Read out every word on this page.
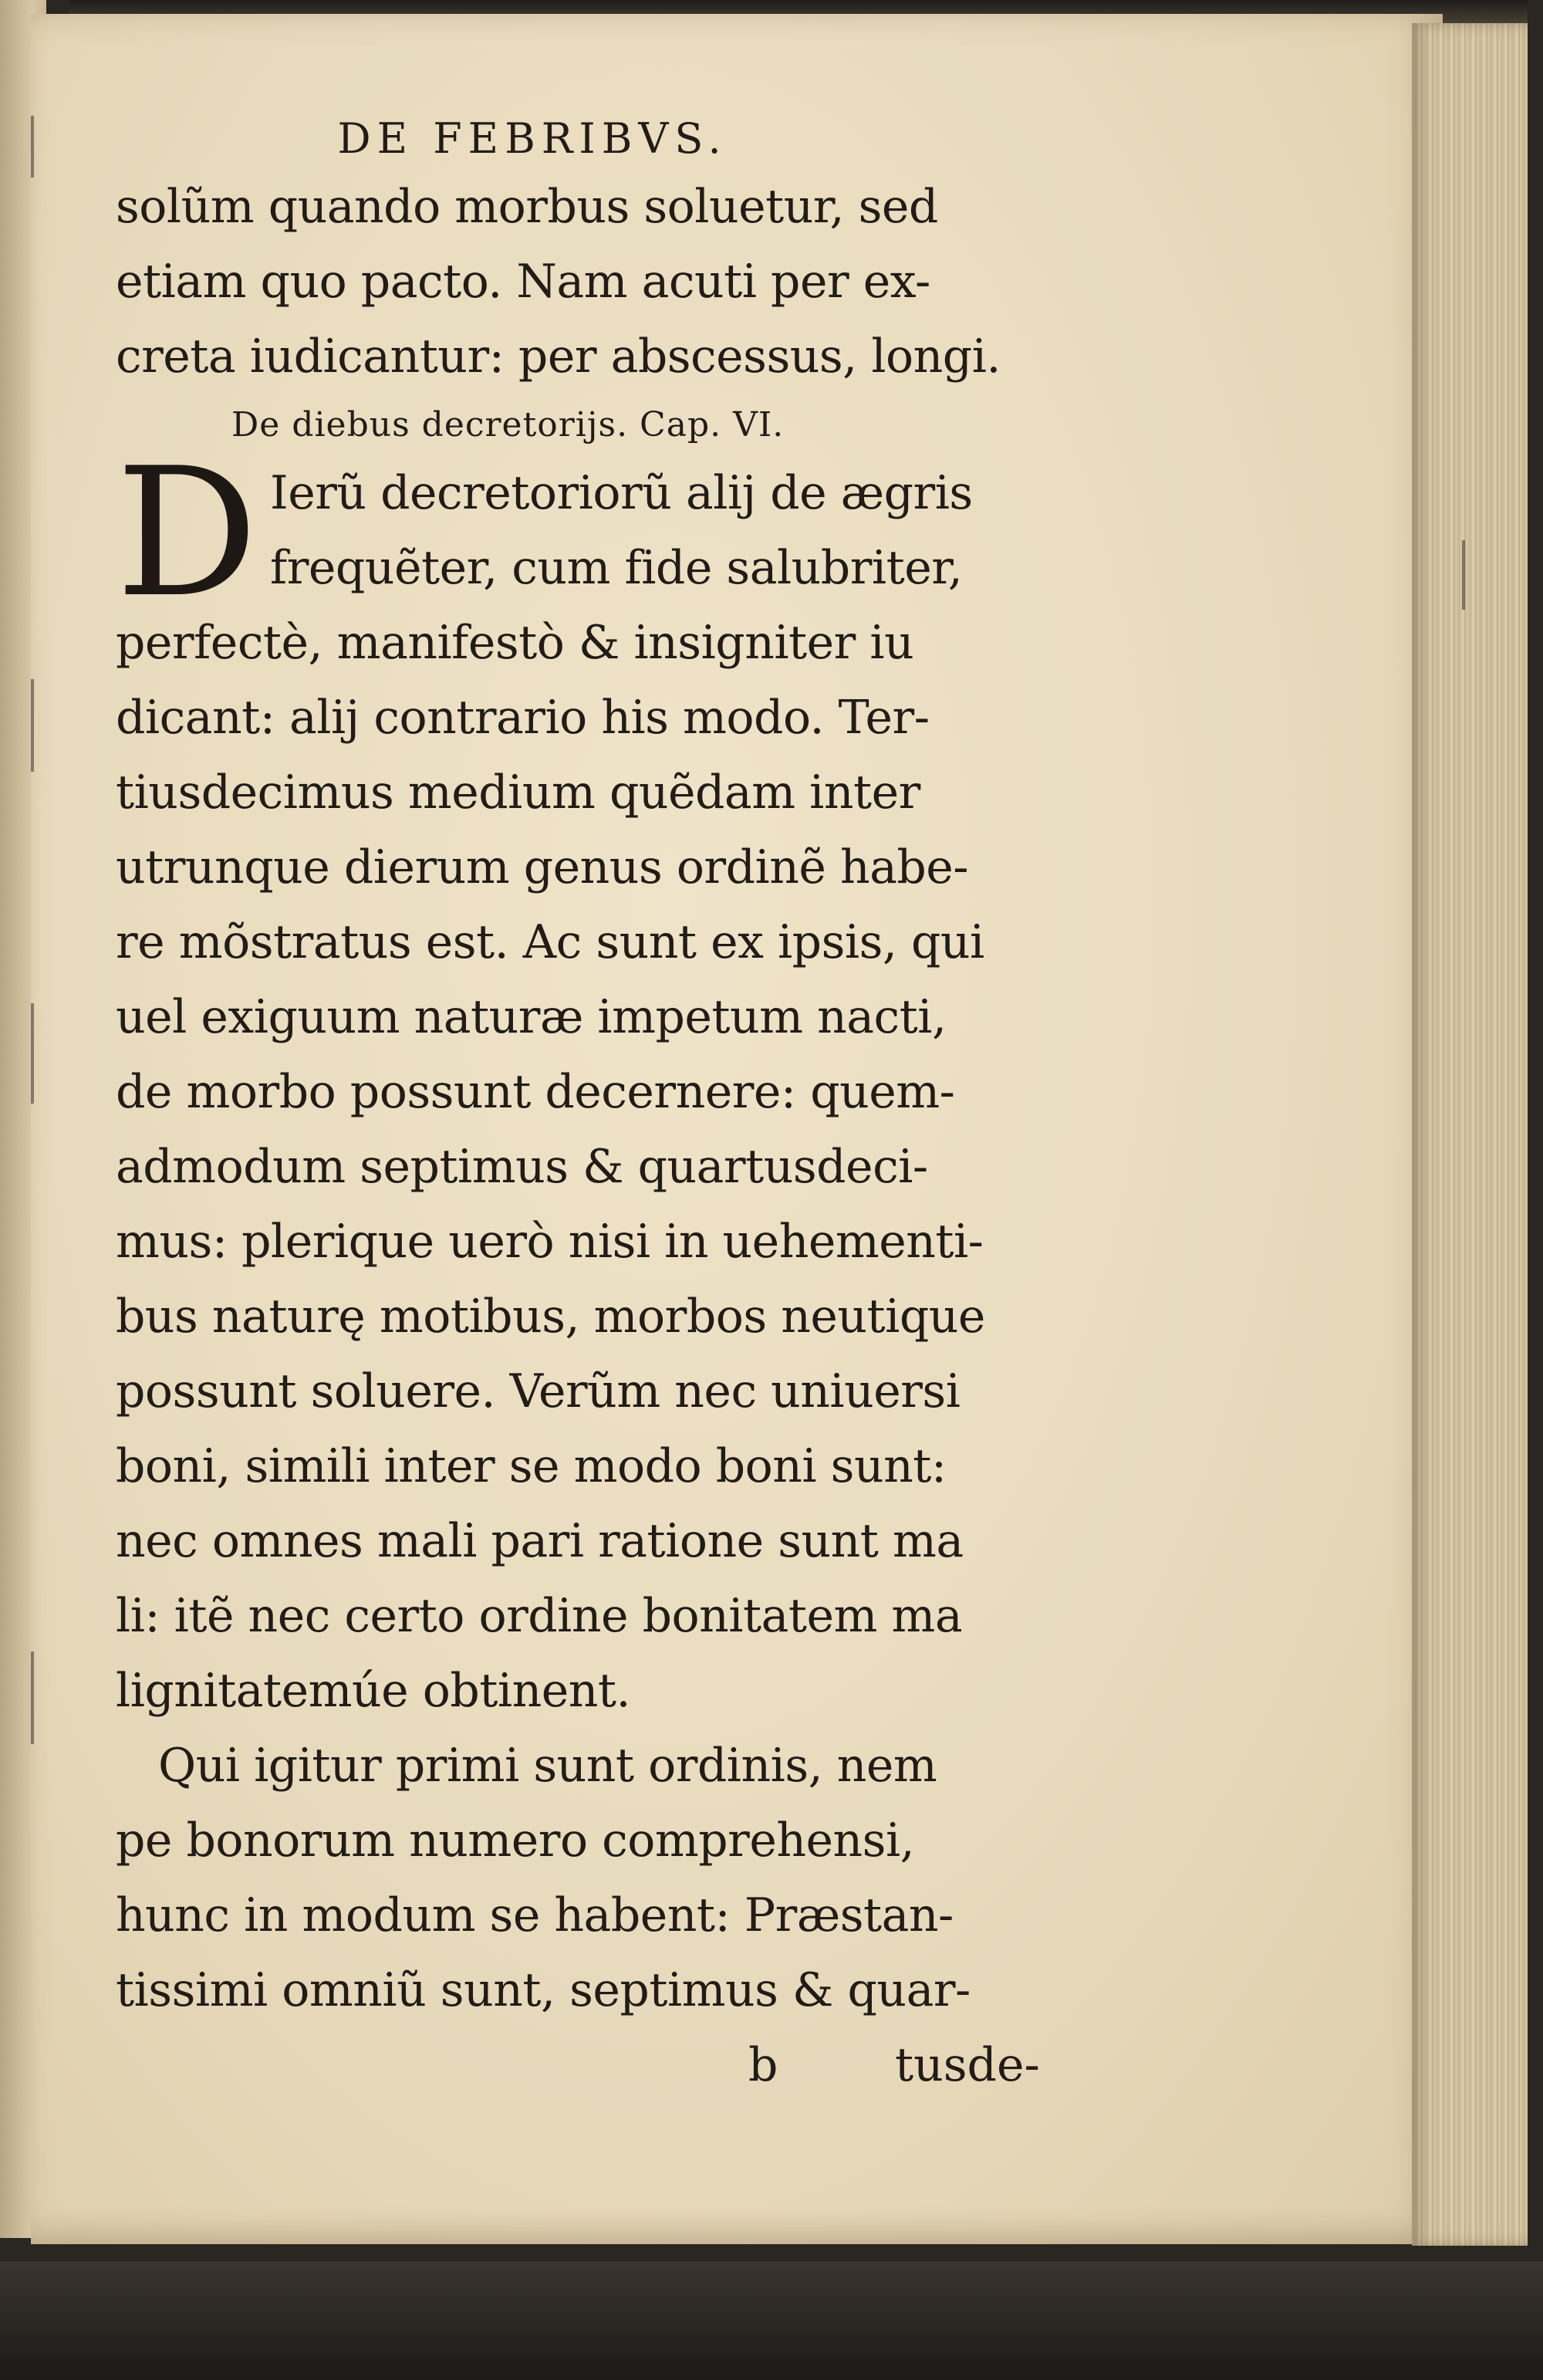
DE FEBRIBVS.
solũm quando morbus soluetur, sed
etiam quo pacto. Nam acuti per ex-
creta iudicantur: per abscessus, longi.
De diebus decretorijs. Cap. VI.
D Ierũ decretoriorũ alij de ægris
frequẽter, cum fide salubriter,
perfectè, manifestò & insigniter iu
dicant: alij contrario his modo. Ter-
tiusdecimus medium quẽdam inter
utrunque dierum genus ordinẽ habe-
re mõstratus est. Ac sunt ex ipsis, qui
uel exiguum naturæ impetum nacti,
de morbo possunt decernere: quem-
admodum septimus & quartusdeci-
mus: plerique uerò nisi in uehementi-
bus naturę motibus, morbos neutique
possunt soluere. Verũm nec uniuersi
boni, simili inter se modo boni sunt:
nec omnes mali pari ratione sunt ma
li: itẽ nec certo ordine bonitatem ma
lignitatemúe obtinent.
Qui igitur primi sunt ordinis, nem
pe bonorum numero comprehensi,
hunc in modum se habent: Præstan-
tissimi omniũ sunt, septimus & quar-
b	tusde-
